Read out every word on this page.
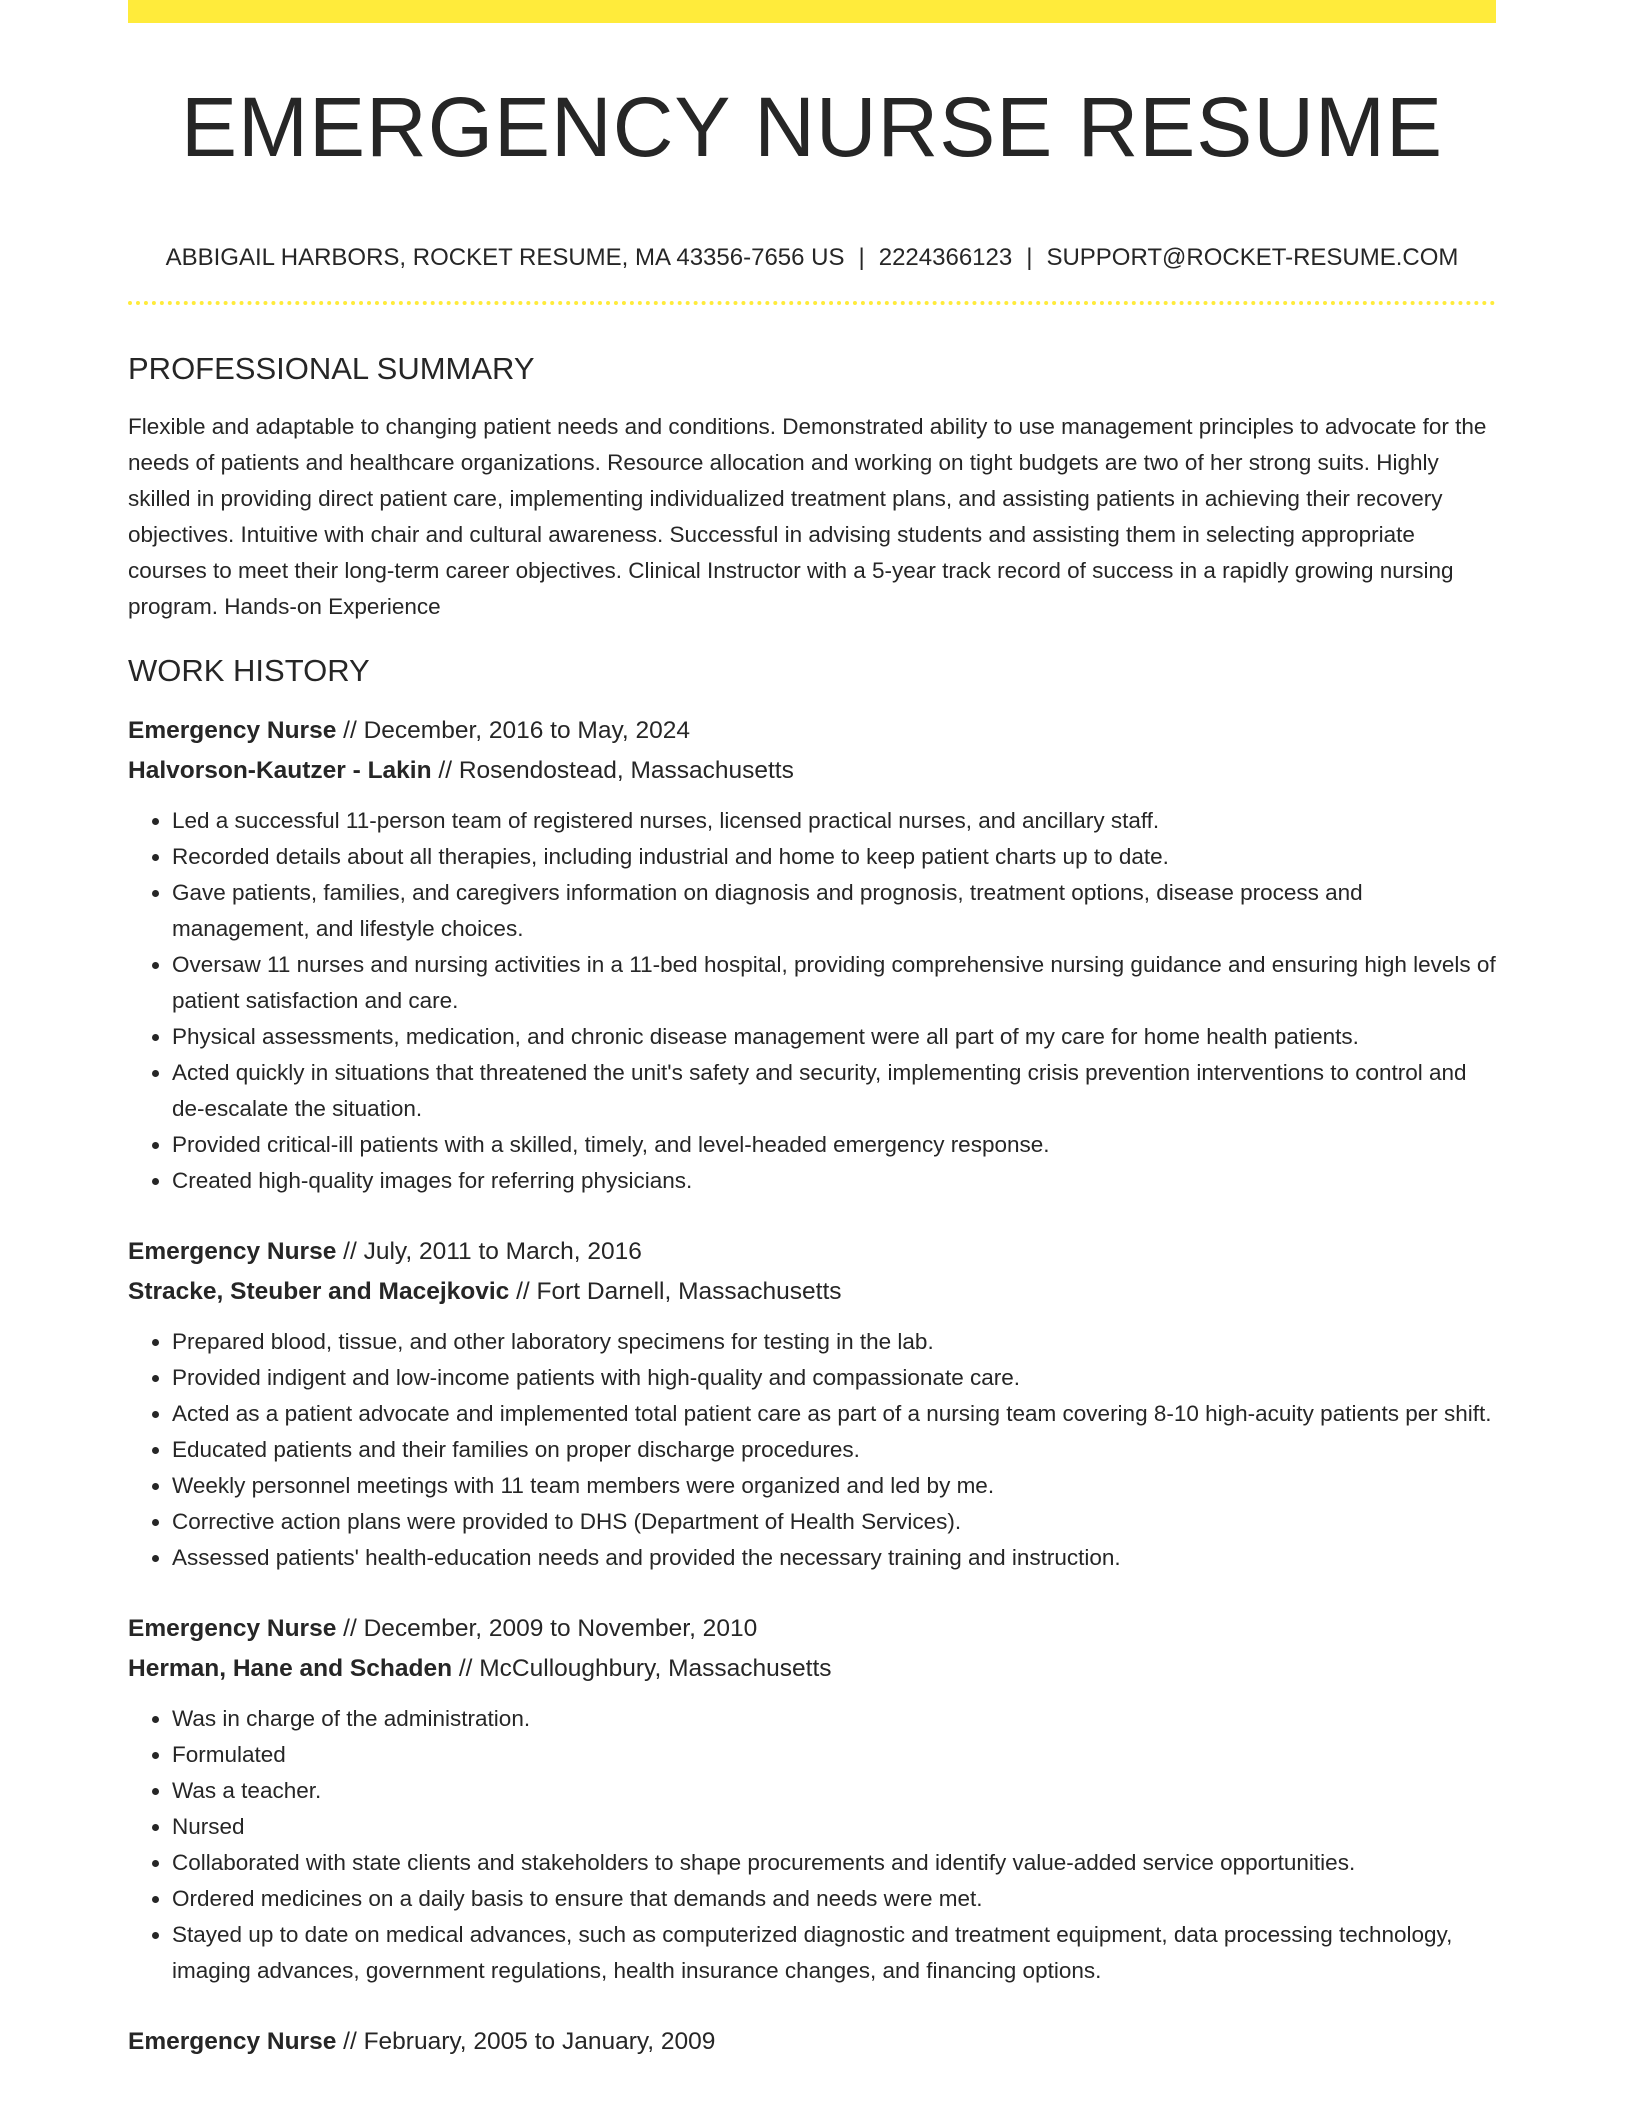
EMERGENCY NURSE RESUME
ABBIGAIL HARBORS, ROCKET RESUME, MA 43356-7656 US | 2224366123 | SUPPORT@ROCKET-RESUME.COM
PROFESSIONAL SUMMARY

Flexible and adaptable to changing patient needs and conditions. Demonstrated ability to use management principles to advocate for the needs of patients and healthcare organizations. Resource allocation and working on tight budgets are two of her strong suits. Highly skilled in providing direct patient care, implementing individualized treatment plans, and assisting patients in achieving their recovery objectives. Intuitive with chair and cultural awareness. Successful in advising students and assisting them in selecting appropriate courses to meet their long-term career objectives. Clinical Instructor with a 5-year track record of success in a rapidly growing nursing program. Hands-on Experience

WORK HISTORY
Emergency Nurse // December, 2016 to May, 2024
Halvorson-Kautzer - Lakin // Rosendostead, Massachusetts
• Led a successful 11-person team of registered nurses, licensed practical nurses, and ancillary staff.
• Recorded details about all therapies, including industrial and home to keep patient charts up to date.
• Gave patients, families, and caregivers information on diagnosis and prognosis, treatment options, disease process and management, and lifestyle choices.
• Oversaw 11 nurses and nursing activities in a 11-bed hospital, providing comprehensive nursing guidance and ensuring high levels of patient satisfaction and care.
• Physical assessments, medication, and chronic disease management were all part of my care for home health patients.
• Acted quickly in situations that threatened the unit's safety and security, implementing crisis prevention interventions to control and de-escalate the situation.
• Provided critical-ill patients with a skilled, timely, and level-headed emergency response.
• Created high-quality images for referring physicians.
Emergency Nurse // July, 2011 to March, 2016
Stracke, Steuber and Macejkovic // Fort Darnell, Massachusetts
• Prepared blood, tissue, and other laboratory specimens for testing in the lab.
• Provided indigent and low-income patients with high-quality and compassionate care.
• Acted as a patient advocate and implemented total patient care as part of a nursing team covering 8-10 high-acuity patients per shift.
• Educated patients and their families on proper discharge procedures.
• Weekly personnel meetings with 11 team members were organized and led by me.
• Corrective action plans were provided to DHS (Department of Health Services).
• Assessed patients' health-education needs and provided the necessary training and instruction.
Emergency Nurse // December, 2009 to November, 2010
Herman, Hane and Schaden // McCulloughbury, Massachusetts
• Was in charge of the administration.
• Formulated
• Was a teacher.
• Nursed
• Collaborated with state clients and stakeholders to shape procurements and identify value-added service opportunities.
• Ordered medicines on a daily basis to ensure that demands and needs were met.
• Stayed up to date on medical advances, such as computerized diagnostic and treatment equipment, data processing technology, imaging advances, government regulations, health insurance changes, and financing options.
Emergency Nurse // February, 2005 to January, 2009
